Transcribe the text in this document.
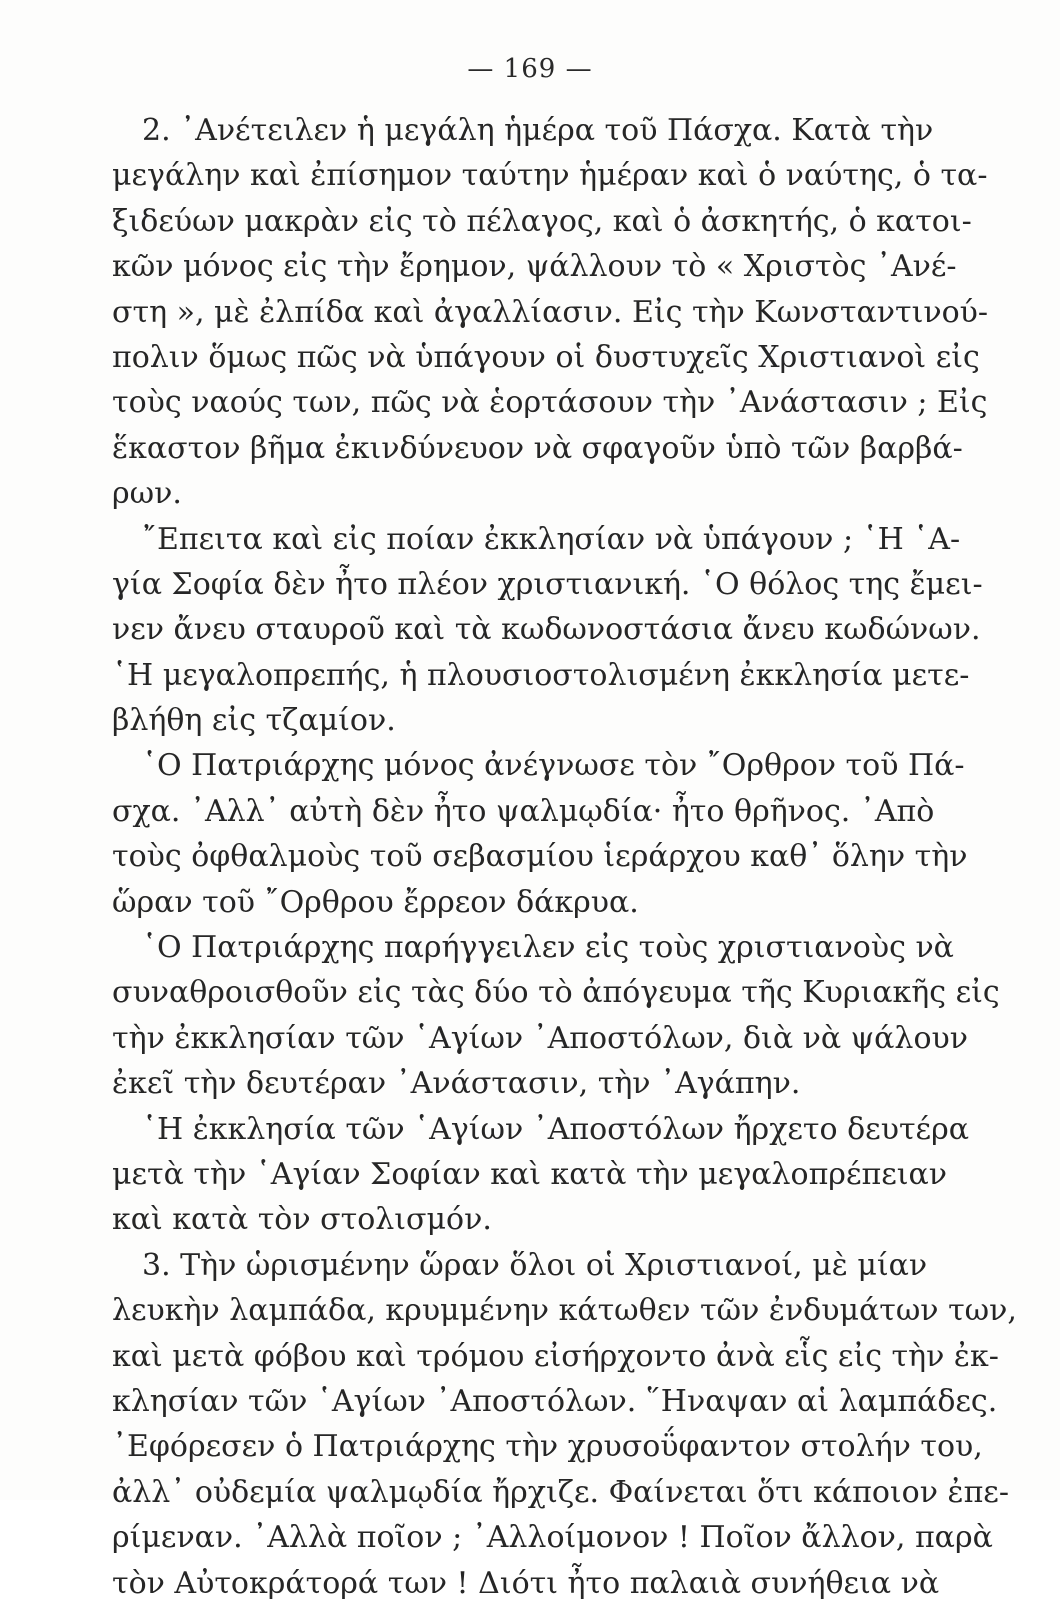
— 169 —
2. ᾿Ανέτειλεν ἡ μεγάλη ἡμέρα τοῦ Πάσχα. Κατὰ τὴν
μεγάλην καὶ ἐπίσημον ταύτην ἡμέραν καὶ ὁ ναύτης, ὁ τα-
ξιδεύων μακρὰν εἰς τὸ πέλαγος, καὶ ὁ ἀσκητής, ὁ κατοι-
κῶν μόνος εἰς τὴν ἔρημον, ψάλλουν τὸ « Χριστὸς ᾿Ανέ-
στη », μὲ ἐλπίδα καὶ ἀγαλλίασιν. Εἰς τὴν Κωνσταντινού-
πολιν ὅμως πῶς νὰ ὑπάγουν οἱ δυστυχεῖς Χριστιανοὶ εἰς
τοὺς ναούς των, πῶς νὰ ἑορτάσουν τὴν ᾿Ανάστασιν ; Εἰς
ἕκαστον βῆμα ἐκινδύνευον νὰ σφαγοῦν ὑπὸ τῶν βαρβά-
ρων.
῎Επειτα καὶ εἰς ποίαν ἐκκλησίαν νὰ ὑπάγουν ; ῾Η ῾Α-
γία Σοφία δὲν ἦτο πλέον χριστιανική. ῾Ο θόλος της ἔμει-
νεν ἄνευ σταυροῦ καὶ τὰ κωδωνοστάσια ἄνευ κωδώνων.
῾Η μεγαλοπρεπής, ἡ πλουσιοστολισμένη ἐκκλησία μετε-
βλήθη εἰς τζαμίον.
῾Ο Πατριάρχης μόνος ἀνέγνωσε τὸν ῎Ορθρον τοῦ Πά-
σχα. ᾿Αλλ᾿ αὐτὴ δὲν ἦτο ψαλμῳδία· ἦτο θρῆνος. ᾿Απὸ
τοὺς ὀφθαλμοὺς τοῦ σεβασμίου ἱεράρχου καθ᾿ ὅλην τὴν
ὥραν τοῦ ῎Ορθρου ἔρρεον δάκρυα.
῾Ο Πατριάρχης παρήγγειλεν εἰς τοὺς χριστιανοὺς νὰ
συναθροισθοῦν εἰς τὰς δύο τὸ ἀπόγευμα τῆς Κυριακῆς εἰς
τὴν ἐκκλησίαν τῶν ῾Αγίων ᾿Αποστόλων, διὰ νὰ ψάλουν
ἐκεῖ τὴν δευτέραν ᾿Ανάστασιν, τὴν ᾿Αγάπην.
῾Η ἐκκλησία τῶν ῾Αγίων ᾿Αποστόλων ἤρχετο δευτέρα
μετὰ τὴν ῾Αγίαν Σοφίαν καὶ κατὰ τὴν μεγαλοπρέπειαν
καὶ κατὰ τὸν στολισμόν.
3. Τὴν ὡρισμένην ὥραν ὅλοι οἱ Χριστιανοί, μὲ μίαν
λευκὴν λαμπάδα, κρυμμένην κάτωθεν τῶν ἐνδυμάτων των,
καὶ μετὰ φόβου καὶ τρόμου εἰσήρχοντο ἀνὰ εἷς εἰς τὴν ἐκ-
κλησίαν τῶν ῾Αγίων ᾿Αποστόλων. ῞Ηναψαν αἱ λαμπάδες.
᾿Εφόρεσεν ὁ Πατριάρχης τὴν χρυσοΰφαντον στολήν του,
ἀλλ᾿ οὐδεμία ψαλμῳδία ἤρχιζε. Φαίνεται ὅτι κάποιον ἐπε-
ρίμεναν. ᾿Αλλὰ ποῖον ; ᾿Αλλοίμονον ! Ποῖον ἄλλον, παρὰ
τὸν Αὐτοκράτορά των ! Διότι ἦτο παλαιὰ συνήθεια νὰ
